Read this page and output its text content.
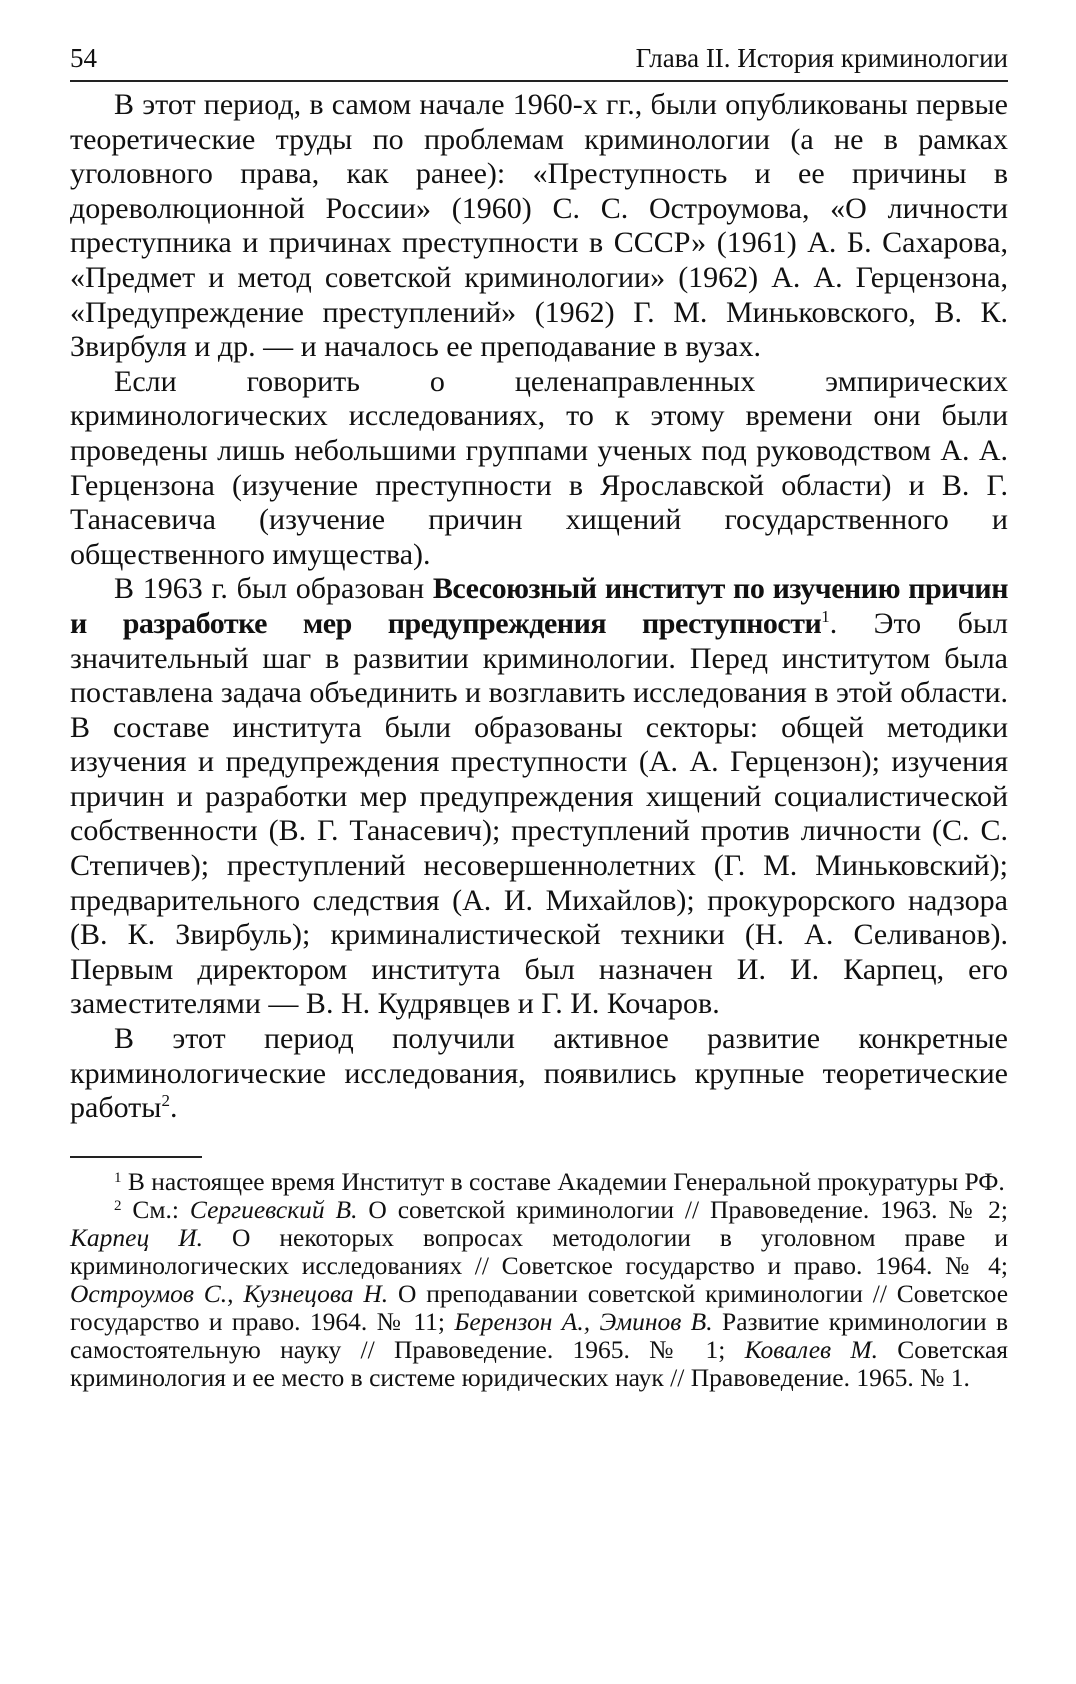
54	Глава II. История криминологии

В этот период, в самом начале 1960-х гг., были опубликованы первые теоретические труды по проблемам криминологии (а не в рамках уголовного права, как ранее): «Преступность и ее причины в дореволюционной России» (1960) С. С. Остроумова, «О личности преступника и причинах преступности в СССР» (1961) А. Б. Сахарова, «Предмет и метод советской криминологии» (1962) А. А. Герцензона, «Предупреждение преступлений» (1962) Г. М. Миньковского, В. К. Звирбуля и др. — и началось ее преподавание в вузах.

Если говорить о целенаправленных эмпирических криминологических исследованиях, то к этому времени они были проведены лишь небольшими группами ученых под руководством А. А. Герцензона (изучение преступности в Ярославской области) и В. Г. Танасевича (изучение причин хищений государственного и общественного имущества).

В 1963 г. был образован Всесоюзный институт по изучению причин и разработке мер предупреждения преступности$^1$. Это был значительный шаг в развитии криминологии. Перед институтом была поставлена задача объединить и возглавить исследования в этой области. В составе института были образованы секторы: общей методики изучения и предупреждения преступности (А. А. Герцензон); изучения причин и разработки мер предупреждения хищений социалистической собственности (В. Г. Танасевич); преступлений против личности (С. С. Степичев); преступлений несовершеннолетних (Г. М. Миньковский); предварительного следствия (А. И. Михайлов); прокурорского надзора (В. К. Звирбуль); криминалистической техники (Н. А. Селиванов). Первым директором института был назначен И. И. Карпец, его заместителями — В. Н. Кудрявцев и Г. И. Кочаров.

В этот период получили активное развитие конкретные криминологические исследования, появились крупные теоретические работы$^2$.

$^1$ В настоящее время Институт в составе Академии Генеральной прокуратуры РФ.

$^2$ См.: Сергиевский В. О советской криминологии // Правоведение. 1963. № 2; Карпец И. О некоторых вопросах методологии в уголовном праве и криминологических исследованиях // Советское государство и право. 1964. № 4; Остроумов С., Кузнецова Н. О преподавании советской криминологии // Советское государство и право. 1964. № 11; Берензон А., Эминов В. Развитие криминологии в самостоятельную науку // Правоведение. 1965. № 1; Ковалев М. Советская криминология и ее место в системе юридических наук // Правоведение. 1965. № 1.
